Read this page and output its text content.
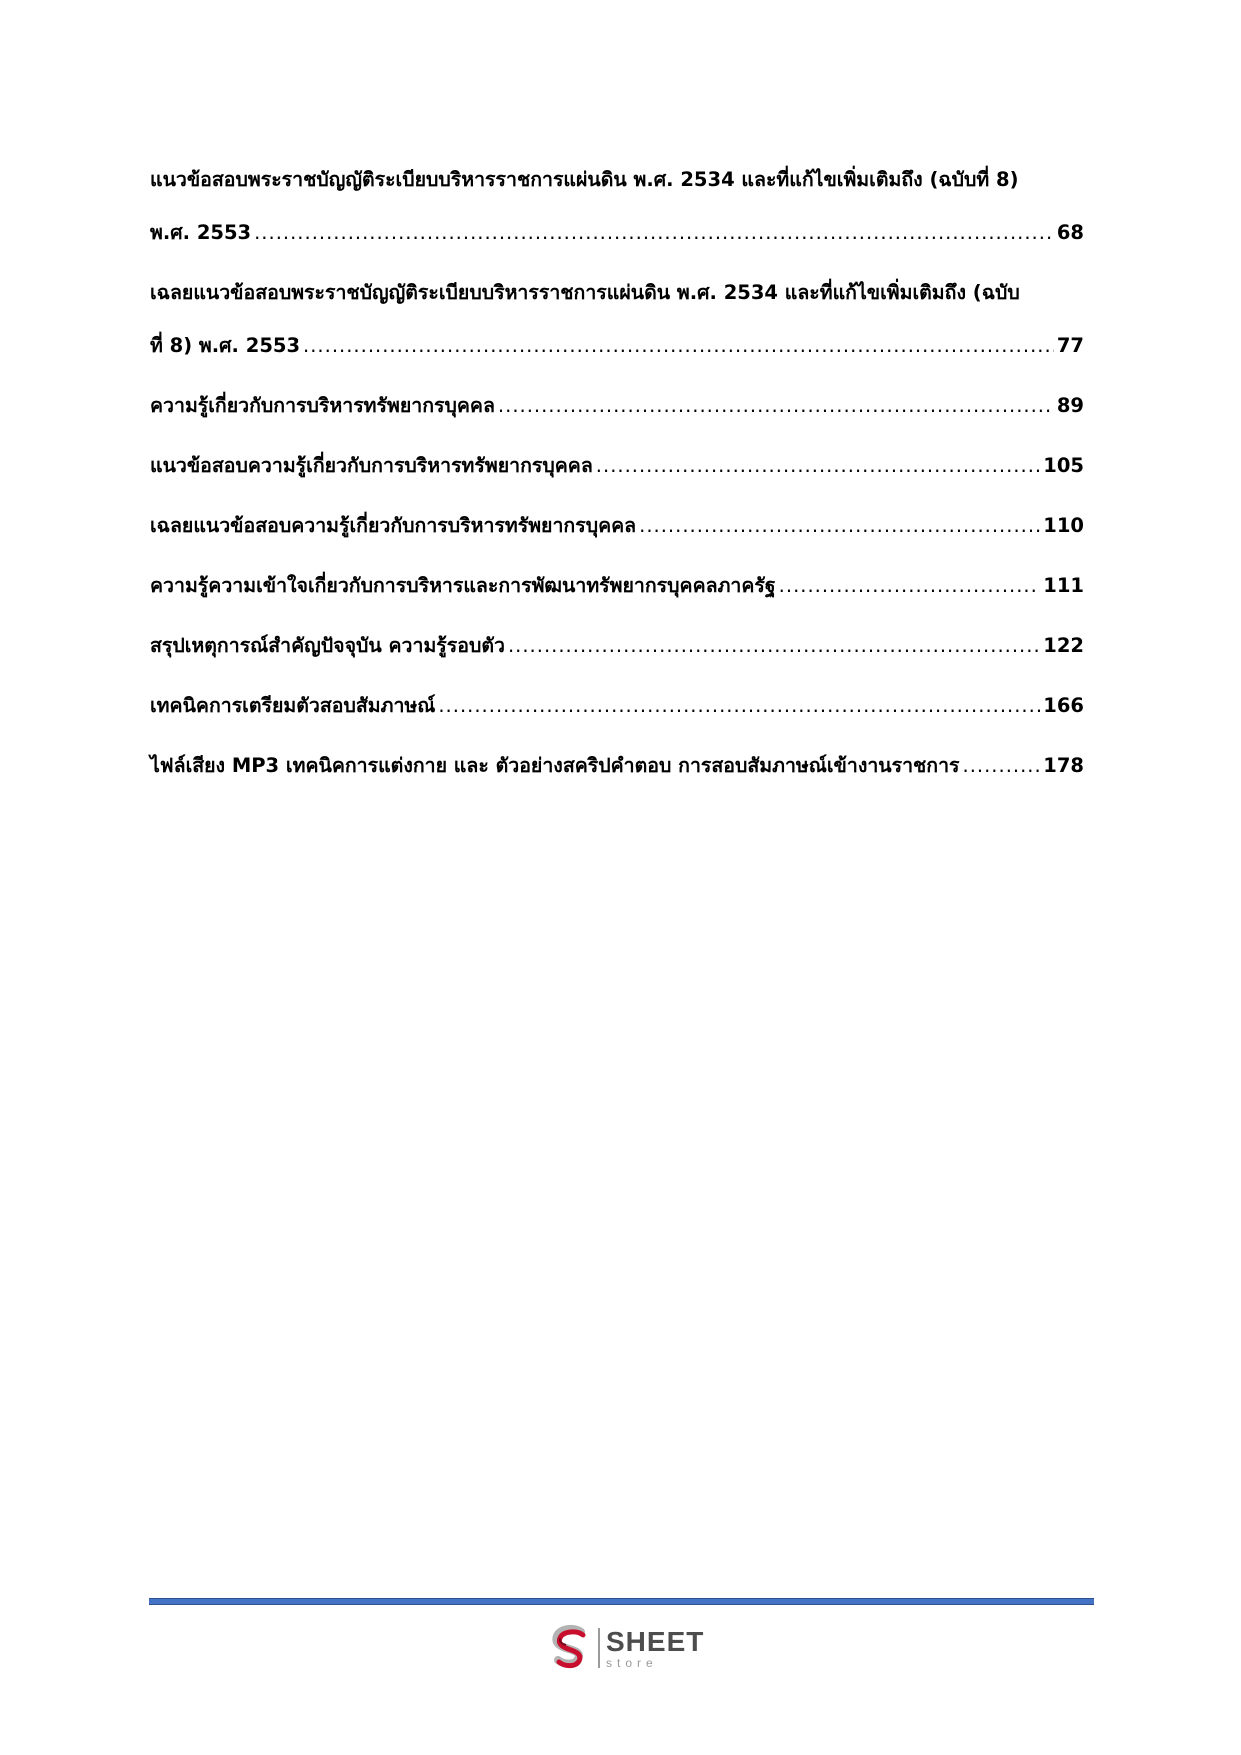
แนวข้อสอบพระราชบัญญัติระเบียบบริหารราชการแผ่นดิน พ.ศ. 2534 และที่แก้ไขเพิ่มเติมถึง (ฉบับที่ 8)
พ.ศ. 2553 .....	68
เฉลยแนวข้อสอบพระราชบัญญัติระเบียบบริหารราชการแผ่นดิน พ.ศ. 2534 และที่แก้ไขเพิ่มเติมถึง (ฉบับ
ที่ 8) พ.ศ. 2553 .....	77
ความรู้เกี่ยวกับการบริหารทรัพยากรบุคคล .....	89
แนวข้อสอบความรู้เกี่ยวกับการบริหารทรัพยากรบุคคล .....	105
เฉลยแนวข้อสอบความรู้เกี่ยวกับการบริหารทรัพยากรบุคคล .....	110
ความรู้ความเข้าใจเกี่ยวกับการบริหารและการพัฒนาทรัพยากรบุคคลภาครัฐ .....	111
สรุปเหตุการณ์สำคัญปัจจุบัน ความรู้รอบตัว .....	122
เทคนิคการเตรียมตัวสอบสัมภาษณ์ .....	166
ไฟล์เสียง MP3 เทคนิคการแต่งกาย และ ตัวอย่างสคริปคำตอบ การสอบสัมภาษณ์เข้างานราชการ .....	178
SHEET
store
